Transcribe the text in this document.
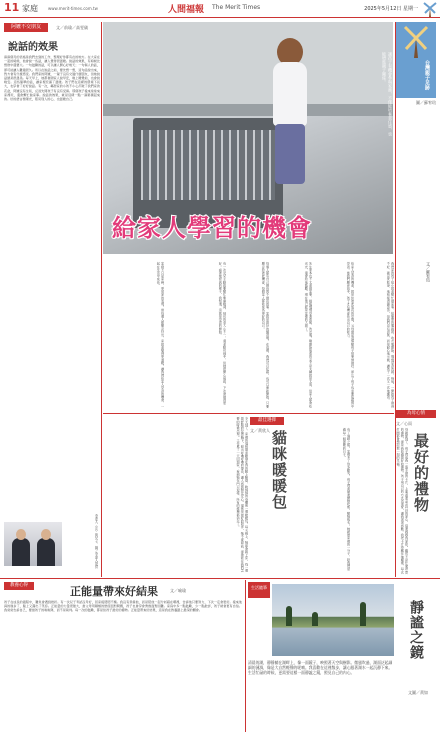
11 家庭	www.merit-times.com.tw	人間福報 The Merit Times	2025年5月12日 星期一
阿嬤不交朋友	文／前瑜／高雯儀
說話的效果
兩兩個月的表格是我們去到的工作，整理好你都有在的地方。在大家在一起的時候，他會說一些話，讓人覺得很溫暖。說話的效果，有時候比想像中還要大。一句鼓勵的話，可以讓人開心好幾天；一句傷人的話，卻可能讓人難過很久。所以在說話之前，要先想一想，這句話說出來，對方會有什麼感受。我們家的阿嬤，一輩子沒有交過什麼朋友，但她說話總是很溫柔。每天早上，她都會跟家人說早安，晚上睡覺前，也會說晚安。這些簡單的話，讓家裡充滿了溫暖。孩子們在這樣的環境下長大，也學會了好好說話。有一次，鄰居家的小孩不小心打破了我們家的花盆，阿嬤沒有生氣，反而先問孩子有沒有受傷。那個孩子後來常常來家裡玩，還會幫忙做家事。說話的效果，就是這樣一點一滴累積起來的。好的語言像陽光，照亮別人的心，也溫暖自己。
李達人（左）與兒子。圖／李達人提供
讓孩子有機會參與家務，不僅能培養責任感，也能增進親子關係。
給家人學習的機會
台灣親子足跡
圖／蘇宥瑄
我們家的孩子從小就會幫忙做家事，從簡單的擺碗筷、收衣服開始，慢慢學習洗碗、拖地。一開始孩子做得不好，碗沒洗乾淨、地板拖得濕答答，但我們沒有責罵，而是耐心地示範，讓孩子一次又一次地練習。
給家人學習的機會，就是給彼此成長的空間。父母總是習慣幫孩子把事情做好，卻忘了孩子也需要從錯誤中學習。當我們願意放手，孩子才有機會長出自己的能力。
先生原本也不太會做家事，婚後慢慢學著煮飯、洗衣服。剛開始他煮的菜不是太鹹就是太淡，但家人都會吃光光，還會給他鼓勵。現在他已經是家裡的大廚了。
每個人都有自己擅長與不擅長的事，家就是最好的練習場。在這裡，我們可以犯錯，也可以重新開始。只要願意給彼此機會，每個家人都能成為更好的自己。
有一次女兒主動說要幫忙準備晚餐，她切的菜大小不一，還差點切到手，但她很開心地說，下次會做得更好。看著她認真的樣子，我知道，這就是學習的開始。
家務不只是家務，更是愛的表現。當每個人都願意付出，家就會變得更溫暖。讓我們給家人學習的機會，一起在生活中成長。	文／蘇宥瑄
冬天到了，家裡的貓咪總喜歡窩在我的腿上睡覺，軟綿綿的身體像一個暖暖包。每天晚上，牠都會跳上床，找一個最舒服的位置躺下，發出呼嚕呼嚕的聲音，讓人感到無比安心。貓咪是最好的陪伴，牠不會說話，卻總能在我們需要的時候出現。工作累了一天回到家，看到牠在門口迎接，所有的疲憊都消失了。	最佳選擇
文／黃欣人 貓咪暖暖包	有了貓咪之後，家裡多了許多歡笑。孩子們會搶著餵牠吃飯，幫牠梳毛。牠就像家裡的一分子，陪我們度過每一個溫暖的日子。
為母心情
文／心雨
最好的禮物
母親節到了，孩子們送我一張手做的卡片，上面畫著歪歪斜斜的愛心，寫著媽媽我愛你。雖然不是什麼昂貴的禮物，卻是我收過最好的禮物。孩子用自己的方式表達愛，讓我深深感動。我把卡片珍藏在抽屜裡，每次打開都會想起那一刻的幸福。
教養心得	正能量帶來好結果	文／喻瑜
孩子在成長的過程中，難免會遇到挫折。有一次兒子考試沒考好，回家後悶悶不樂。我沒有責備他，而是陪他一起分析錯在哪裡，告訴他只要努力，下次一定會更好。後來他真的進步了，臉上又露出了笑容。正能量的力量很強大，當父母用積極的態度面對問題，孩子也會學會勇敢面對困難。家庭中多一點鼓勵，少一點批評，孩子就會更有自信。我常常告訴自己，要當孩子的啦啦隊，而不是裁判。每一次的鼓勵，都是給孩子最好的禮物。正能量帶來好結果，這是我在教養路上最深的體會。
生活隨筆
靜謐之鏡
文圖／黃如
清晨的湖，靜靜躺在湖畔上，像一面鏡子，映照著天空與樹影。微風吹過，湖面泛起細細的漣漪，像是大自然輕聲的呢喃。我喜歡在這裡散步，讓心跟著湖水一起沉靜下來。生活忙碌的時候，更需要這樣一面靜謐之鏡，照見自己的內心。
